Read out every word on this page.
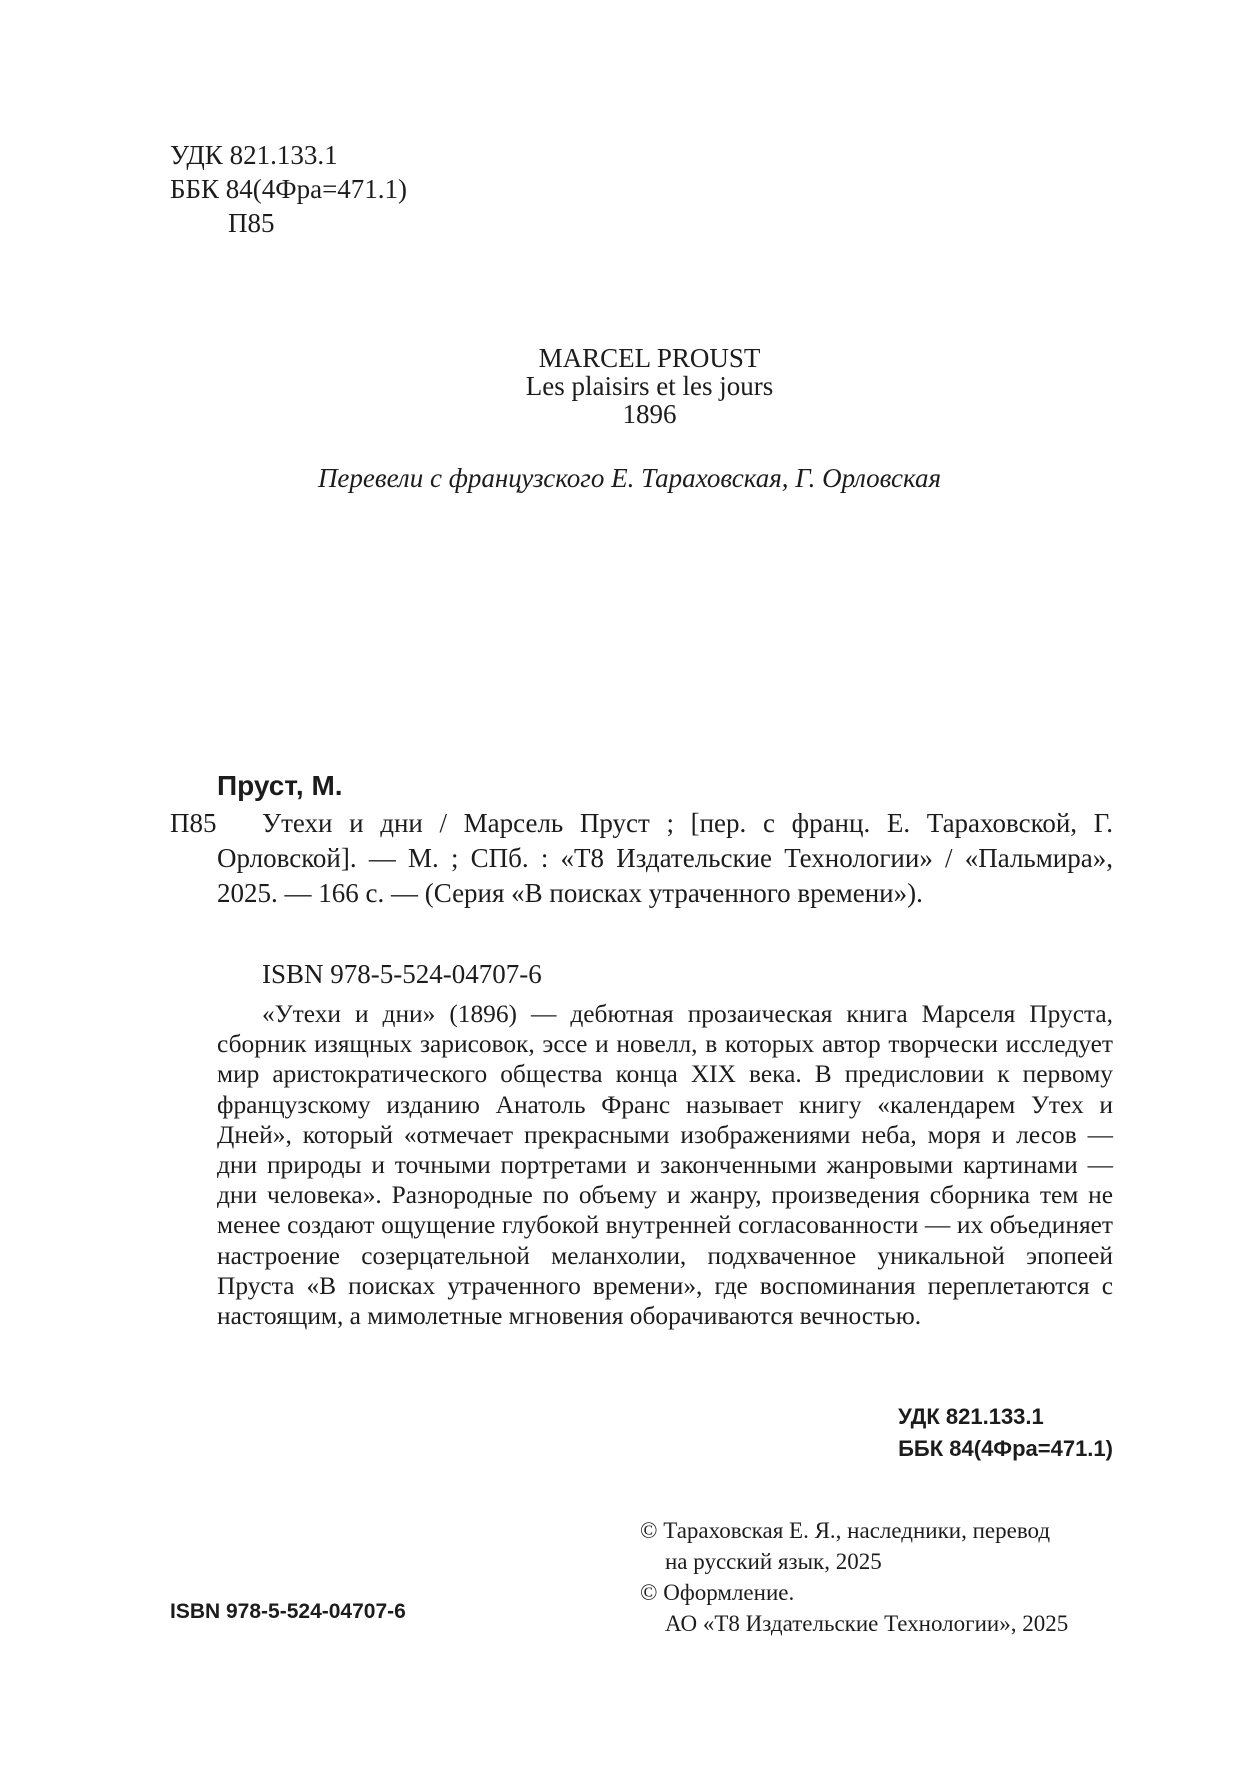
УДК 821.133.1
ББК 84(4Фра=471.1)
П85
MARCEL PROUST
Les plaisirs et les jours
1896
Перевели с французского Е. Тараховская, Г. Орловская
Пруст, М.
П85	Утехи и дни / Марсель Пруст ; [пер. с франц. Е. Тараховской, Г. Орловской]. — М. ; СПб. : «Т8 Издательские Технологии» / «Пальмира», 2025. — 166 с. — (Серия «В поисках утраченного времени»).
ISBN 978-5-524-04707-6
«Утехи и дни» (1896) — дебютная прозаическая книга Марселя Пруста, сборник изящных зарисовок, эссе и новелл, в которых автор творчески исследует мир аристократического общества конца XIX века. В предисловии к первому французскому изданию Анатоль Франс называет книгу «календарем Утех и Дней», который «отмечает прекрасными изображениями неба, моря и лесов — дни природы и точными портретами и законченными жанровыми картинами — дни человека». Разнородные по объему и жанру, произведения сборника тем не менее создают ощущение глубокой внутренней согласованности — их объединяет настроение созерцательной меланхолии, подхваченное уникальной эпопеей Пруста «В поисках утраченного времени», где воспоминания переплетаются с настоящим, а мимолетные мгновения оборачиваются вечностью.
УДК 821.133.1
ББК 84(4Фра=471.1)
© Тараховская Е. Я., наследники, перевод
на русский язык, 2025
© Оформление.
АО «Т8 Издательские Технологии», 2025
ISBN 978-5-524-04707-6
